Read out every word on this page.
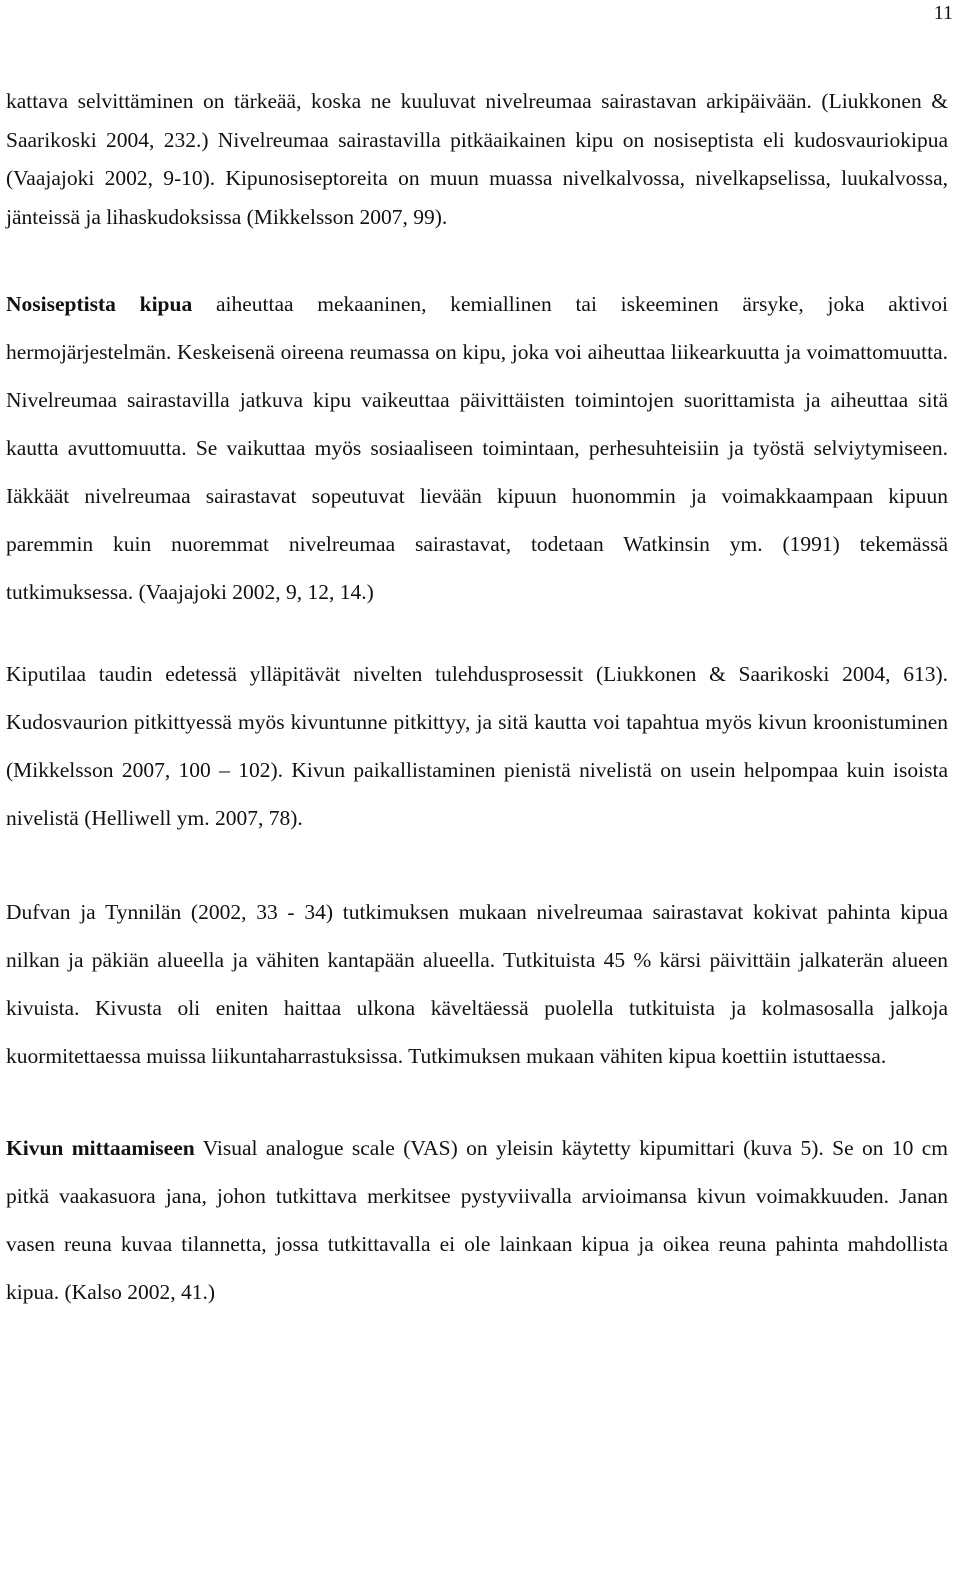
11

kattava selvittäminen on tärkeää, koska ne kuuluvat nivelreumaa sairastavan arkipäivään. (Liukkonen & Saarikoski 2004, 232.) Nivelreumaa sairastavilla pitkäaikainen kipu on nosiseptista eli kudosvauriokipua (Vaajajoki 2002, 9-10). Kipunosiseptoreita on muun muassa nivelkalvossa, nivelkapselissa, luukalvossa, jänteissä ja lihaskudoksissa (Mikkelsson 2007, 99).

Nosiseptista kipua aiheuttaa mekaaninen, kemiallinen tai iskeeminen ärsyke, joka aktivoi hermojärjestelmän. Keskeisenä oireena reumassa on kipu, joka voi aiheuttaa liikearkuutta ja voimattomuutta. Nivelreumaa sairastavilla jatkuva kipu vaikeuttaa päivittäisten toimintojen suorittamista ja aiheuttaa sitä kautta avuttomuutta. Se vaikuttaa myös sosiaaliseen toimintaan, perhesuhteisiin ja työstä selviytymiseen. Iäkkäät nivelreumaa sairastavat sopeutuvat lievään kipuun huonommin ja voimakkaampaan kipuun paremmin kuin nuoremmat nivelreumaa sairastavat, todetaan Watkinsin ym. (1991) tekemässä tutkimuksessa. (Vaajajoki 2002, 9, 12, 14.)

Kiputilaa taudin edetessä ylläpitävät nivelten tulehdusprosessit (Liukkonen & Saarikoski 2004, 613). Kudosvaurion pitkittyessä myös kivuntunne pitkittyy, ja sitä kautta voi tapahtua myös kivun kroonistuminen (Mikkelsson 2007, 100 – 102). Kivun paikallistaminen pienistä nivelistä on usein helpompaa kuin isoista nivelistä (Helliwell ym. 2007, 78).

Dufvan ja Tynnilän (2002, 33 - 34) tutkimuksen mukaan nivelreumaa sairastavat kokivat pahinta kipua nilkan ja päkiän alueella ja vähiten kantapään alueella. Tutkituista 45 % kärsi päivittäin jalkaterän alueen kivuista. Kivusta oli eniten haittaa ulkona käveltäessä puolella tutkituista ja kolmasosalla jalkoja kuormitettaessa muissa liikuntaharrastuksissa. Tutkimuksen mukaan vähiten kipua koettiin istuttaessa.

Kivun mittaamiseen Visual analogue scale (VAS) on yleisin käytetty kipumittari (kuva 5). Se on 10 cm pitkä vaakasuora jana, johon tutkittava merkitsee pystyviivalla arvioimansa kivun voimakkuuden. Janan vasen reuna kuvaa tilannetta, jossa tutkittavalla ei ole lainkaan kipua ja oikea reuna pahinta mahdollista kipua. (Kalso 2002, 41.)
